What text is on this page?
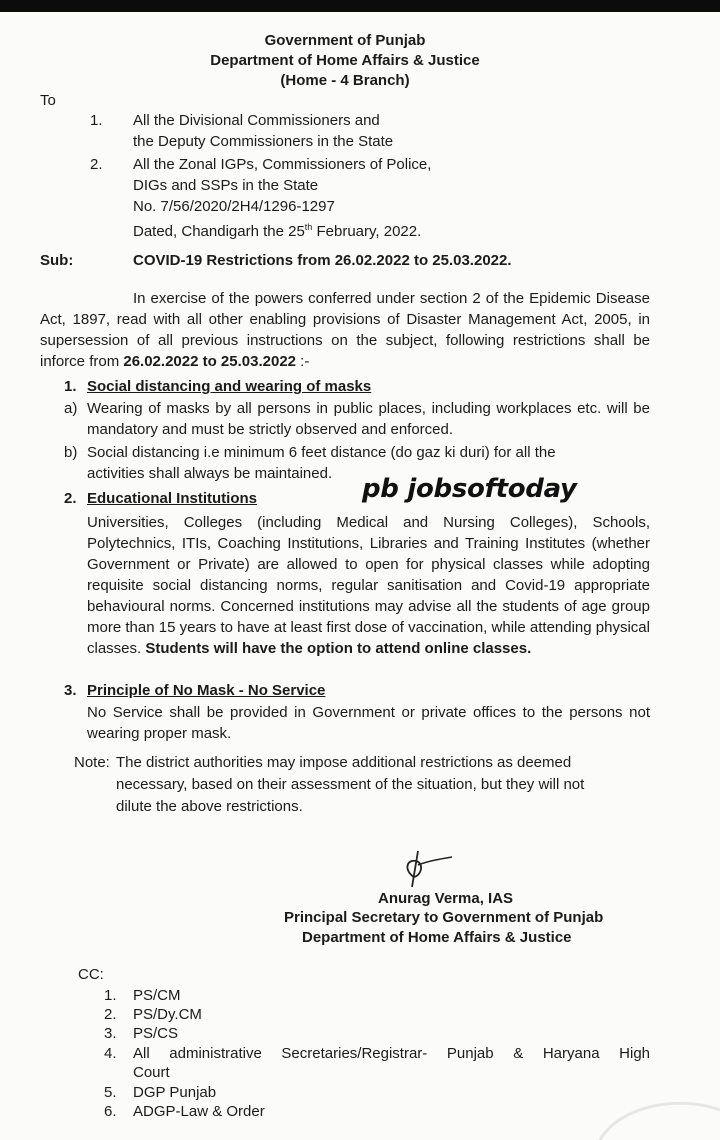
Government of Punjab
Department of Home Affairs & Justice
(Home - 4 Branch)
To
1. All the Divisional Commissioners and
the Deputy Commissioners in the State
2. All the Zonal IGPs, Commissioners of Police,
DIGs and SSPs in the State
No. 7/56/2020/2H4/1296-1297
Dated, Chandigarh the 25th February, 2022.
Sub:	COVID-19 Restrictions from 26.02.2022 to 25.03.2022.
In exercise of the powers conferred under section 2 of the Epidemic Disease Act, 1897, read with all other enabling provisions of Disaster Management Act, 2005, in supersession of all previous instructions on the subject, following restrictions shall be inforce from 26.02.2022 to 25.03.2022 :-
1. Social distancing and wearing of masks
a) Wearing of masks by all persons in public places, including workplaces etc. will be mandatory and must be strictly observed and enforced.
b) Social distancing i.e minimum 6 feet distance (do gaz ki duri) for all the
activities shall always be maintained.
pb jobsoftoday
2. Educational Institutions
Universities, Colleges (including Medical and Nursing Colleges), Schools, Polytechnics, ITIs, Coaching Institutions, Libraries and Training Institutes (whether Government or Private) are allowed to open for physical classes while adopting requisite social distancing norms, regular sanitisation and Covid-19 appropriate behavioural norms. Concerned institutions may advise all the students of age group more than 15 years to have at least first dose of vaccination, while attending physical classes. Students will have the option to attend online classes.
3. Principle of No Mask - No Service
No Service shall be provided in Government or private offices to the persons not wearing proper mask.
Note: The district authorities may impose additional restrictions as deemed
necessary, based on their assessment of the situation, but they will not
dilute the above restrictions.
Anurag Verma, IAS
Principal Secretary to Government of Punjab
Department of Home Affairs & Justice
CC:
1. PS/CM
2. PS/Dy.CM
3. PS/CS
4. All administrative Secretaries/Registrar- Punjab & Haryana High
Court
5. DGP Punjab
6. ADGP-Law & Order
